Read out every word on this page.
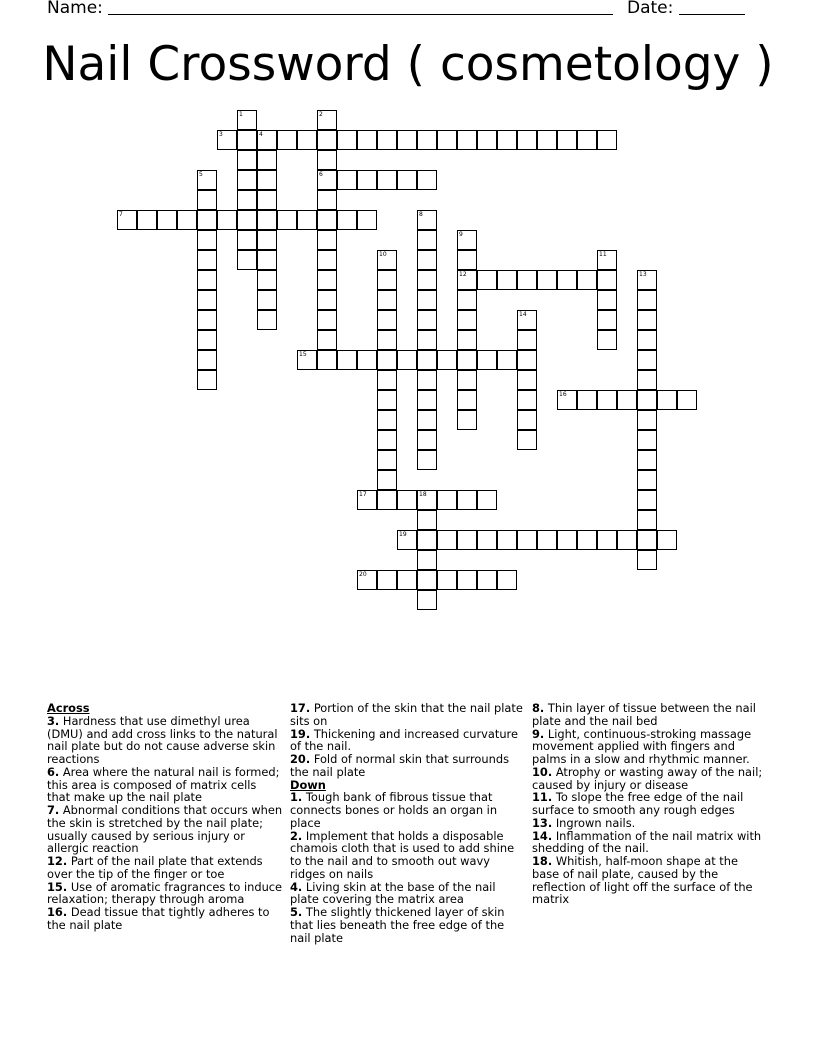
Name:	Date:
Nail Crossword ( cosmetology )
1	2
6
3	4
5
7	8
9
12
10	11
13
14
15
16
17	18
19
20
Across

3. Hardness that use dimethyl urea (DMU) and add cross links to the natural nail plate but do not cause adverse skin reactions

6. Area where the natural nail is formed; this area is composed of matrix cells that make up the nail plate

7. Abnormal conditions that occurs when the skin is stretched by the nail plate; usually caused by serious injury or allergic reaction

12. Part of the nail plate that extends over the tip of the finger or toe

15. Use of aromatic fragrances to induce relaxation; therapy through aroma

16. Dead tissue that tightly adheres to the nail plate

17. Portion of the skin that the nail plate sits on

19. Thickening and increased curvature of the nail.

20. Fold of normal skin that surrounds the nail plate

Down

1. Tough bank of fibrous tissue that connects bones or holds an organ in place

2. Implement that holds a disposable chamois cloth that is used to add shine to the nail and to smooth out wavy ridges on nails

4. Living skin at the base of the nail plate covering the matrix area

5. The slightly thickened layer of skin that lies beneath the free edge of the nail plate

8. Thin layer of tissue between the nail plate and the nail bed

9. Light, continuous-stroking massage movement applied with fingers and palms in a slow and rhythmic manner.

10. Atrophy or wasting away of the nail; caused by injury or disease

11. To slope the free edge of the nail surface to smooth any rough edges

13. Ingrown nails.

14. Inflammation of the nail matrix with shedding of the nail.

18. Whitish, half-moon shape at the base of nail plate, caused by the reflection of light off the surface of the matrix
